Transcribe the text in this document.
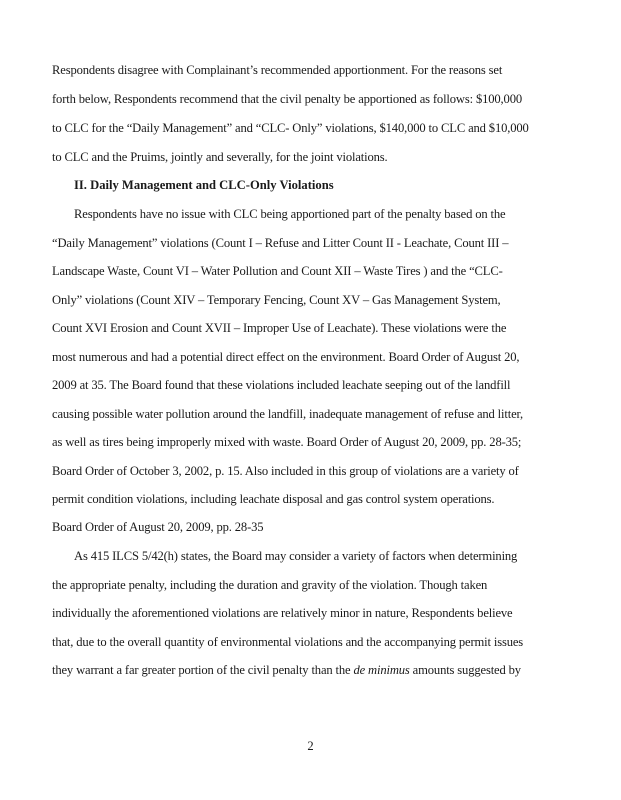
Respondents disagree with Complainant’s recommended apportionment. For the reasons set
forth below, Respondents recommend that the civil penalty be apportioned as follows: $100,000
to CLC for the “Daily Management” and “CLC- Only” violations, $140,000 to CLC and $10,000
to CLC and the Pruims, jointly and severally, for the joint violations.
II. Daily Management and CLC-Only Violations
Respondents have no issue with CLC being apportioned part of the penalty based on the
“Daily Management” violations (Count I – Refuse and Litter Count II - Leachate, Count III –
Landscape Waste, Count VI – Water Pollution and Count XII – Waste Tires ) and the “CLC-
Only” violations (Count XIV – Temporary Fencing, Count XV – Gas Management System,
Count XVI Erosion and Count XVII – Improper Use of Leachate). These violations were the
most numerous and had a potential direct effect on the environment. Board Order of August 20,
2009 at 35. The Board found that these violations included leachate seeping out of the landfill
causing possible water pollution around the landfill, inadequate management of refuse and litter,
as well as tires being improperly mixed with waste. Board Order of August 20, 2009, pp. 28-35;
Board Order of October 3, 2002, p. 15. Also included in this group of violations are a variety of
permit condition violations, including leachate disposal and gas control system operations.
Board Order of August 20, 2009, pp. 28-35
As 415 ILCS 5/42(h) states, the Board may consider a variety of factors when determining
the appropriate penalty, including the duration and gravity of the violation. Though taken
individually the aforementioned violations are relatively minor in nature, Respondents believe
that, due to the overall quantity of environmental violations and the accompanying permit issues
they warrant a far greater portion of the civil penalty than the de minimus amounts suggested by
2
